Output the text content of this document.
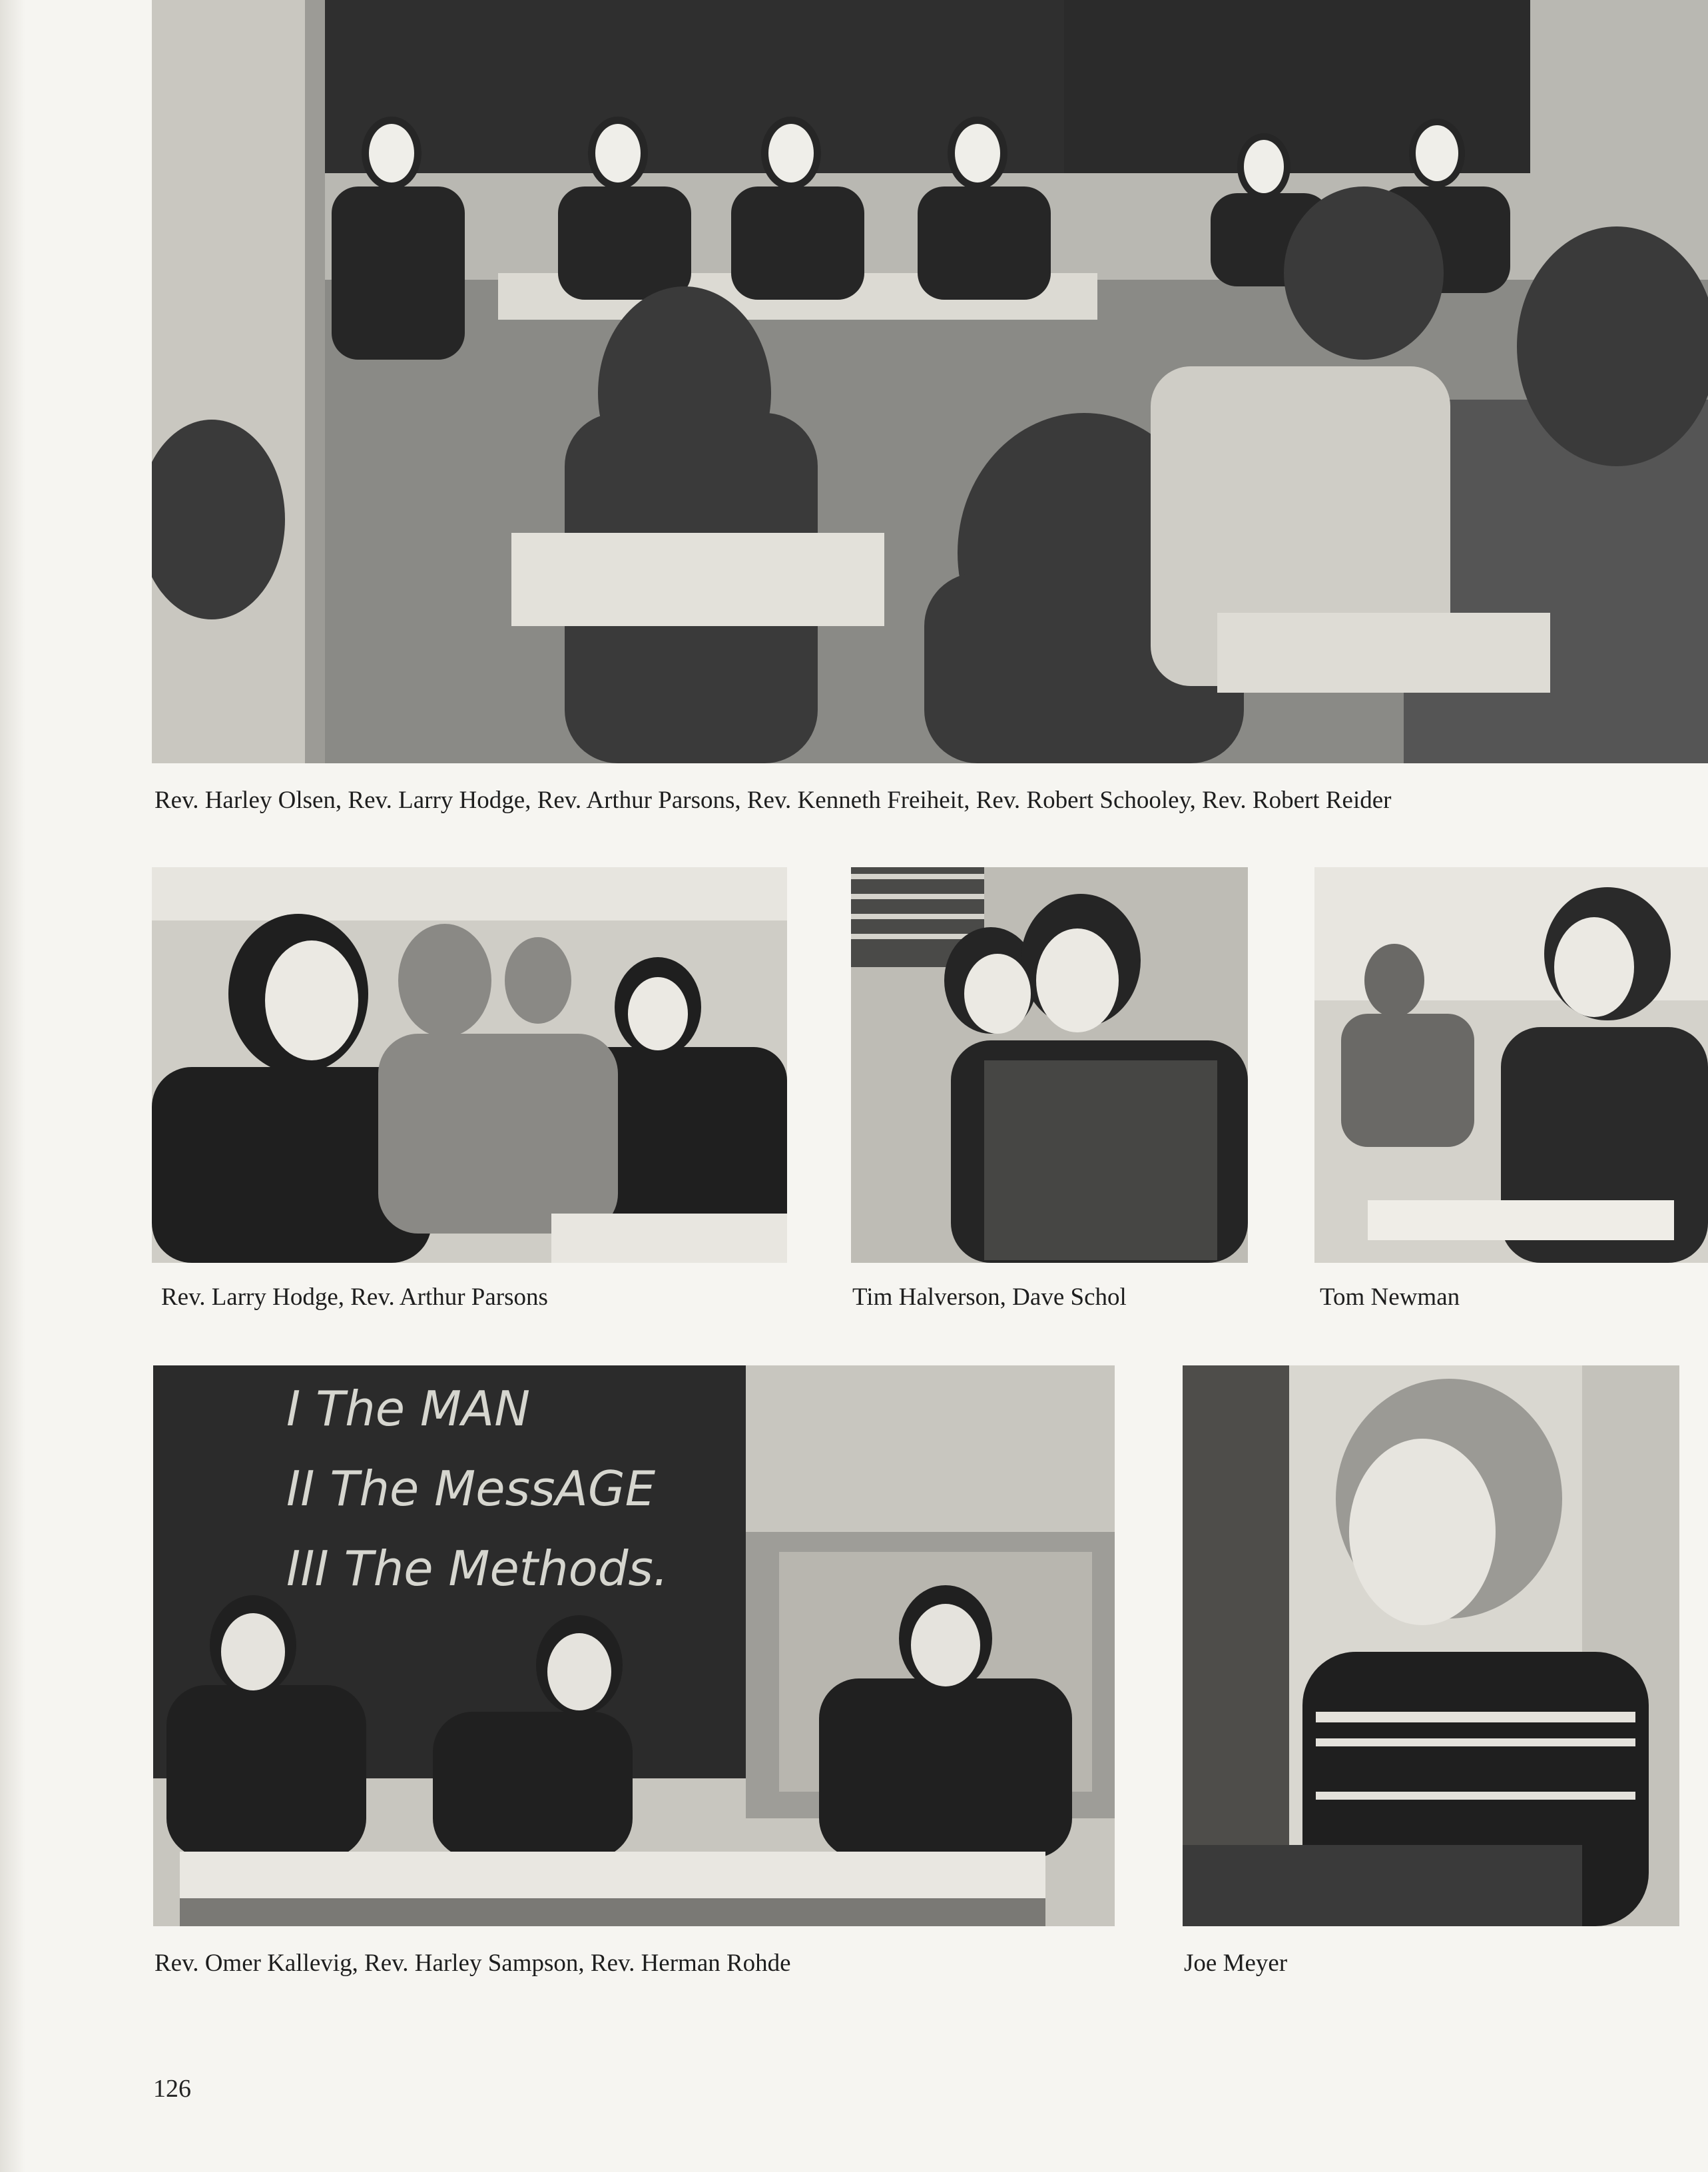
Rev. Harley Olsen, Rev. Larry Hodge, Rev. Arthur Parsons, Rev. Kenneth Freiheit, Rev. Robert Schooley, Rev. Robert Reider
Rev. Larry Hodge, Rev. Arthur Parsons	Tim Halverson, Dave Schol	Tom Newman
I The MAN
II The MessAGE
III The Methods.
Rev. Omer Kallevig, Rev. Harley Sampson, Rev. Herman Rohde	Joe Meyer
126
